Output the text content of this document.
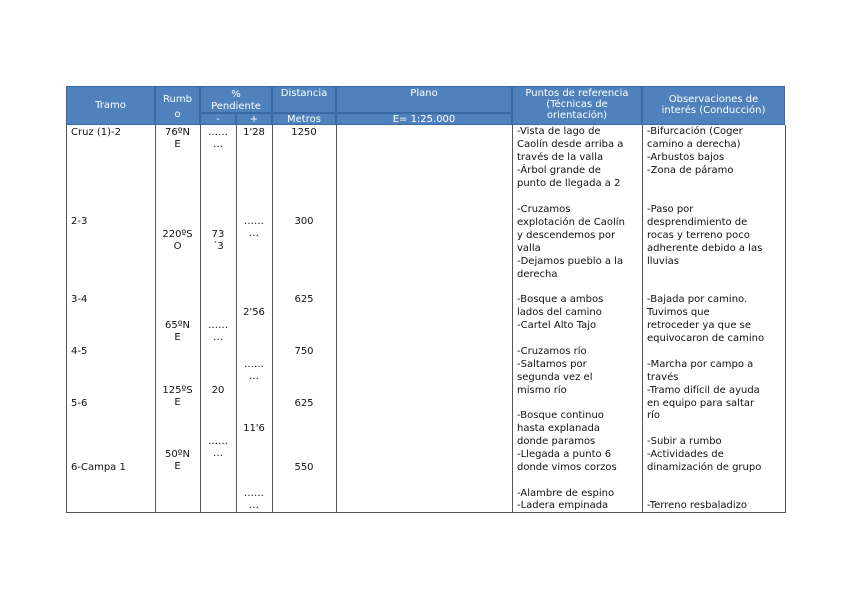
Tramo
Rumb
o
%
Pendiente
-	+
Distancia
Metros
Plano
E= 1:25.000
Puntos de referencia
(Técnicas de
orientación)
Observaciones de
interés (Conducción)
Cruz (1)-2
2-3
3-4
4-5
5-6
6-Campa 1
76ºN
E
220ºS
O
65ºN
E
125ºS
E
50ºN
E
……
…
73
´3
……
…
20
……
…
1'28
……
…
2'56
……
…
11'6
……
…
1250
300
625
750
625
550
-Vista de lago de
Caolín desde arriba a
través de la valla
-Árbol grande de
punto de llegada a 2
-Cruzamos
explotación de Caolín
y descendemos por
valla
-Dejamos pueblo a la
derecha
-Bosque a ambos
lados del camino
-Cartel Alto Tajo
-Cruzamos río
-Saltamos por
segunda vez el
mismo río
-Bosque continuo
hasta explanada
donde paramos
-Llegada a punto 6
donde vimos corzos
-Alambre de espino
-Ladera empinada
-Bifurcación (Coger
camino a derecha)
-Arbustos bajos
-Zona de páramo
-Paso por
desprendimiento de
rocas y terreno poco
adherente debido a las
lluvias
-Bajada por camino.
Tuvimos que
retroceder ya que se
equivocaron de camino
-Marcha por campo a
través
-Tramo difícil de ayuda
en equipo para saltar
río
-Subir a rumbo
-Actividades de
dinamización de grupo
-Terreno resbaladizo
